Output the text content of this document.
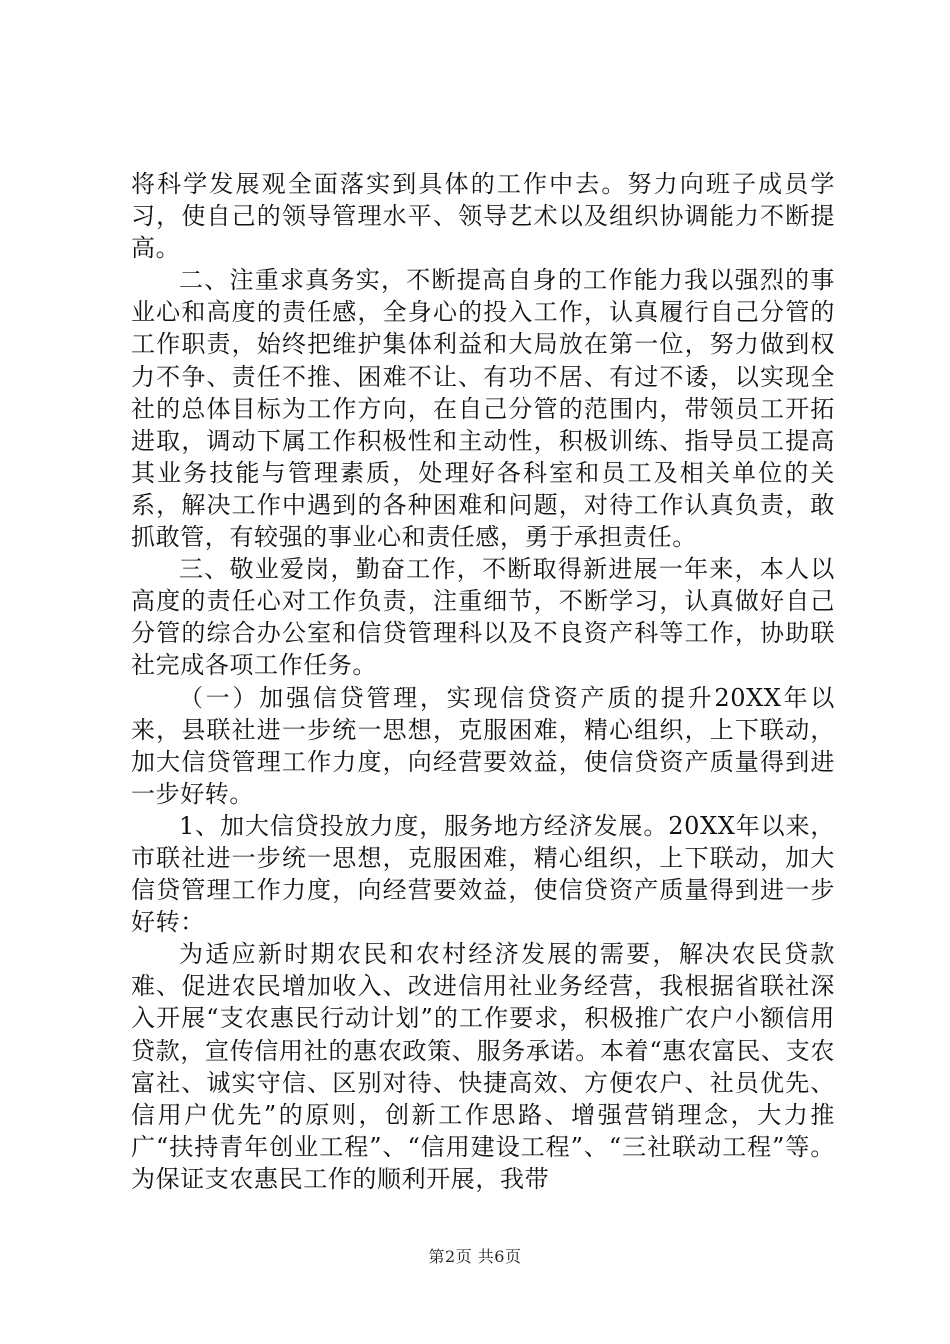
将科学发展观全面落实到具体的工作中去。努力向班子成员学习，使自己的领导管理水平、领导艺术以及组织协调能力不断提高。

二、注重求真务实，不断提高自身的工作能力我以强烈的事业心和高度的责任感，全身心的投入工作，认真履行自己分管的工作职责，始终把维护集体利益和大局放在第一位，努力做到权力不争、责任不推、困难不让、有功不居、有过不诿，以实现全社的总体目标为工作方向，在自己分管的范围内，带领员工开拓进取，调动下属工作积极性和主动性，积极训练、指导员工提高其业务技能与管理素质，处理好各科室和员工及相关单位的关系，解决工作中遇到的各种困难和问题，对待工作认真负责，敢抓敢管，有较强的事业心和责任感，勇于承担责任。

三、敬业爱岗，勤奋工作，不断取得新进展一年来，本人以高度的责任心对工作负责，注重细节，不断学习，认真做好自己分管的综合办公室和信贷管理科以及不良资产科等工作，协助联社完成各项工作任务。

（一）加强信贷管理，实现信贷资产质的提升20XX年以来，县联社进一步统一思想，克服困难，精心组织，上下联动，加大信贷管理工作力度，向经营要效益，使信贷资产质量得到进一步好转。

1、加大信贷投放力度，服务地方经济发展。20XX年以来，市联社进一步统一思想，克服困难，精心组织，上下联动，加大信贷管理工作力度，向经营要效益，使信贷资产质量得到进一步好转：

为适应新时期农民和农村经济发展的需要，解决农民贷款难、促进农民增加收入、改进信用社业务经营，我根据省联社深入开展“支农惠民行动计划”的工作要求，积极推广农户小额信用贷款，宣传信用社的惠农政策、服务承诺。本着“惠农富民、支农富社、诚实守信、区别对待、快捷高效、方便农户、社员优先、信用户优先”的原则，创新工作思路、增强营销理念，大力推广“扶持青年创业工程”、“信用建设工程”、“三社联动工程”等。为保证支农惠民工作的顺利开展，我带

第2页 共6页
